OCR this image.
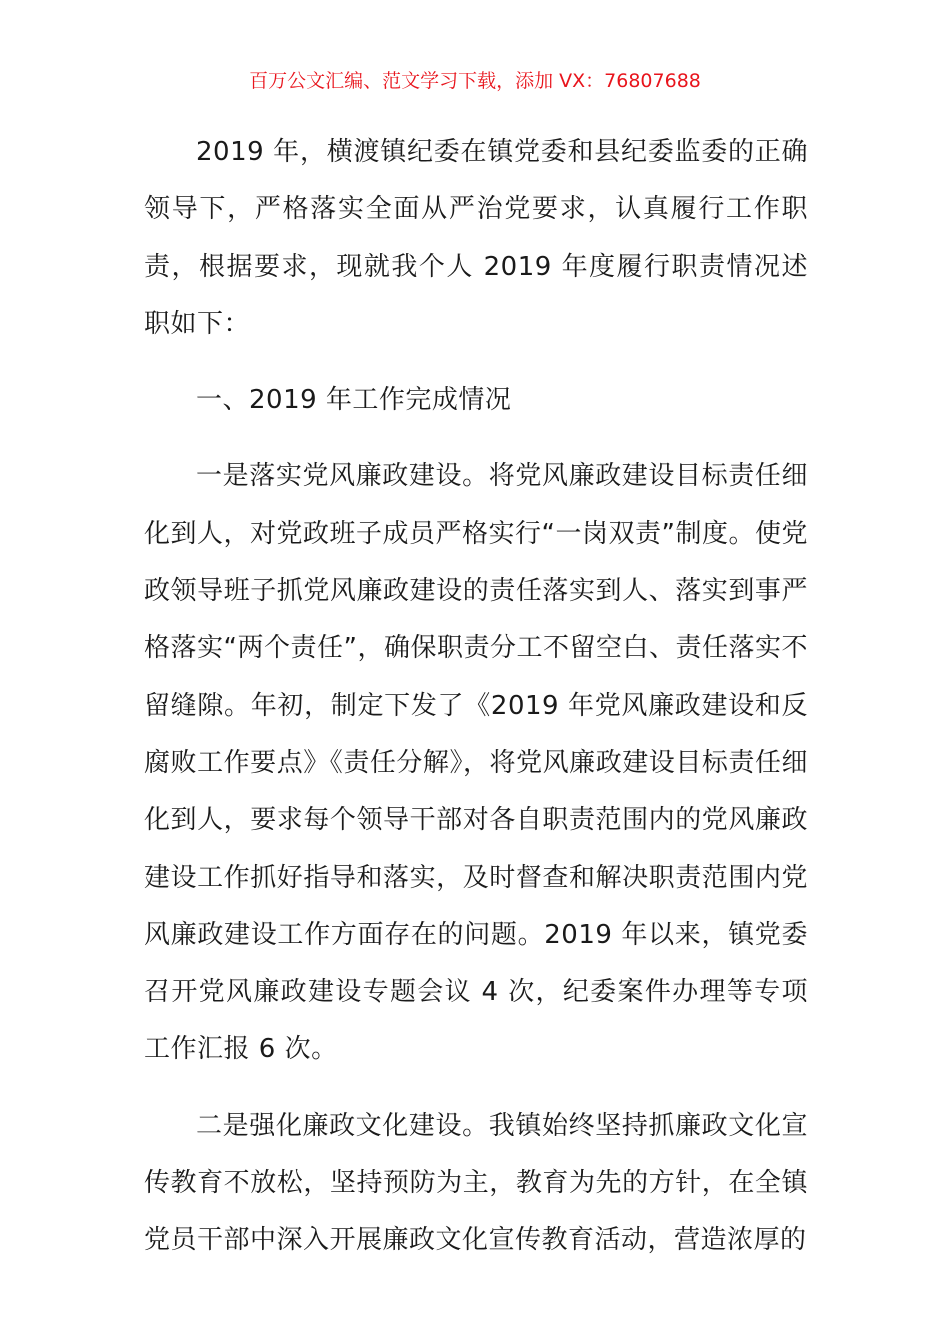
百万公文汇编、范文学习下载，添加 VX：76807688

2019 年，横渡镇纪委在镇党委和县纪委监委的正确领导下，严格落实全面从严治党要求，认真履行工作职责，根据要求，现就我个人 2019 年度履行职责情况述职如下：

一、2019 年工作完成情况

一是落实党风廉政建设。将党风廉政建设目标责任细化到人，对党政班子成员严格实行“一岗双责”制度。使党政领导班子抓党风廉政建设的责任落实到人、落实到事严格落实“两个责任”，确保职责分工不留空白、责任落实不留缝隙。年初，制定下发了《2019 年党风廉政建设和反腐败工作要点》《责任分解》，将党风廉政建设目标责任细化到人，要求每个领导干部对各自职责范围内的党风廉政建设工作抓好指导和落实，及时督查和解决职责范围内党风廉政建设工作方面存在的问题。2019 年以来，镇党委召开党风廉政建设专题会议 4 次，纪委案件办理等专项工作汇报 6 次。

二是强化廉政文化建设。我镇始终坚持抓廉政文化宣传教育不放松，坚持预防为主，教育为先的方针，在全镇党员干部中深入开展廉政文化宣传教育活动，营造浓厚的
